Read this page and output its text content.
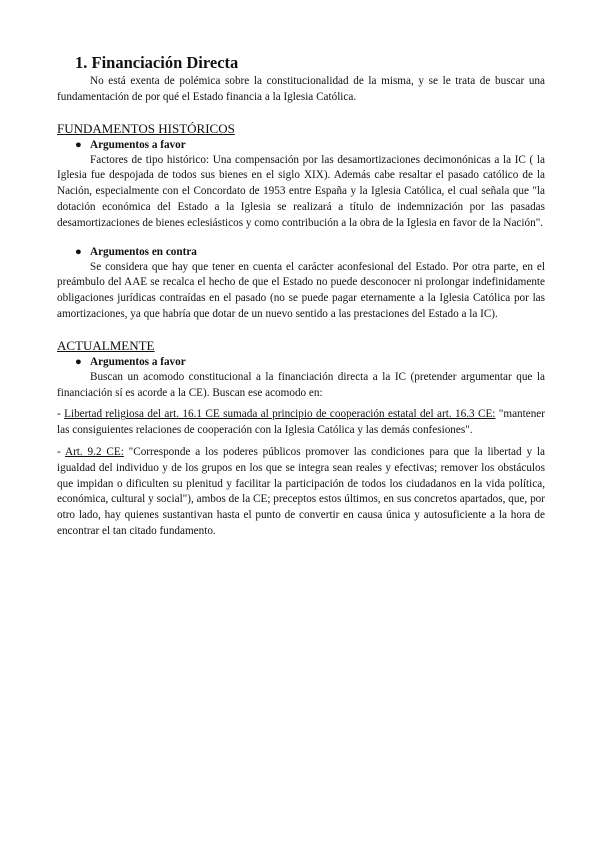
1. Financiación Directa

No está exenta de polémica sobre la constitucionalidad de la misma, y se le trata de buscar una fundamentación de por qué el Estado financia a la Iglesia Católica.

FUNDAMENTOS HISTÓRICOS
● Argumentos a favor

Factores de tipo histórico: Una compensación por las desamortizaciones decimonónicas a la IC ( la Iglesia fue despojada de todos sus bienes en el siglo XIX). Además cabe resaltar el pasado católico de la Nación, especialmente con el Concordato de 1953 entre España y la Iglesia Católica, el cual señala que "la dotación económica del Estado a la Iglesia se realizará a título de indemnización por las pasadas desamortizaciones de bienes eclesiásticos y como contribución a la obra de la Iglesia en favor de la Nación".

● Argumentos en contra

Se considera que hay que tener en cuenta el carácter aconfesional del Estado. Por otra parte, en el preámbulo del AAE se recalca el hecho de que el Estado no puede desconocer ni prolongar indefinidamente obligaciones jurídicas contraídas en el pasado (no se puede pagar eternamente a la Iglesia Católica por las amortizaciones, ya que habría que dotar de un nuevo sentido a las prestaciones del Estado a la IC).

ACTUALMENTE
● Argumentos a favor

Buscan un acomodo constitucional a la financiación directa a la IC (pretender argumentar que la financiación sí es acorde a la CE). Buscan ese acomodo en:

- Libertad religiosa del art. 16.1 CE sumada al principio de cooperación estatal del art. 16.3 CE: "mantener las consiguientes relaciones de cooperación con la Iglesia Católica y las demás confesiones".

- Art. 9.2 CE: "Corresponde a los poderes públicos promover las condiciones para que la libertad y la igualdad del individuo y de los grupos en los que se integra sean reales y efectivas; remover los obstáculos que impidan o dificulten su plenitud y facilitar la participación de todos los ciudadanos en la vida política, económica, cultural y social"), ambos de la CE; preceptos estos últimos, en sus concretos apartados, que, por otro lado, hay quienes sustantivan hasta el punto de convertir en causa única y autosuficiente a la hora de encontrar el tan citado fundamento.
